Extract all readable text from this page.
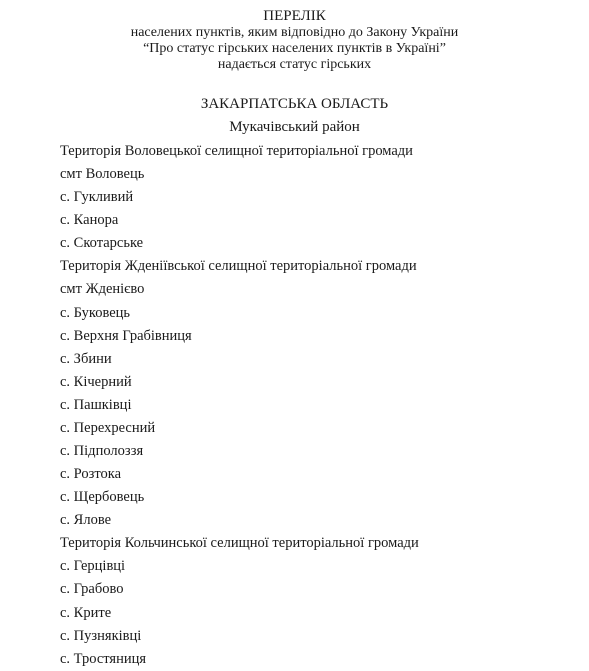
ПЕРЕЛІК
населених пунктів, яким відповідно до Закону України
“Про статус гірських населених пунктів в Україні”
надається статус гірських
ЗАКАРПАТСЬКА ОБЛАСТЬ
Мукачівський район
Територія Воловецької селищної територіальної громади
смт Воловець
с. Гукливий
с. Канора
с. Скотарське
Територія Жденіївської селищної територіальної громади
смт Жденієво
с. Буковець
с. Верхня Грабівниця
с. Збини
с. Кічерний
с. Пашківці
с. Перехресний
с. Підполоззя
с. Розтока
с. Щербовець
с. Ялове
Територія Кольчинської селищної територіальної громади
с. Герцівці
с. Грабово
с. Крите
с. Пузняківці
с. Тростяниця
